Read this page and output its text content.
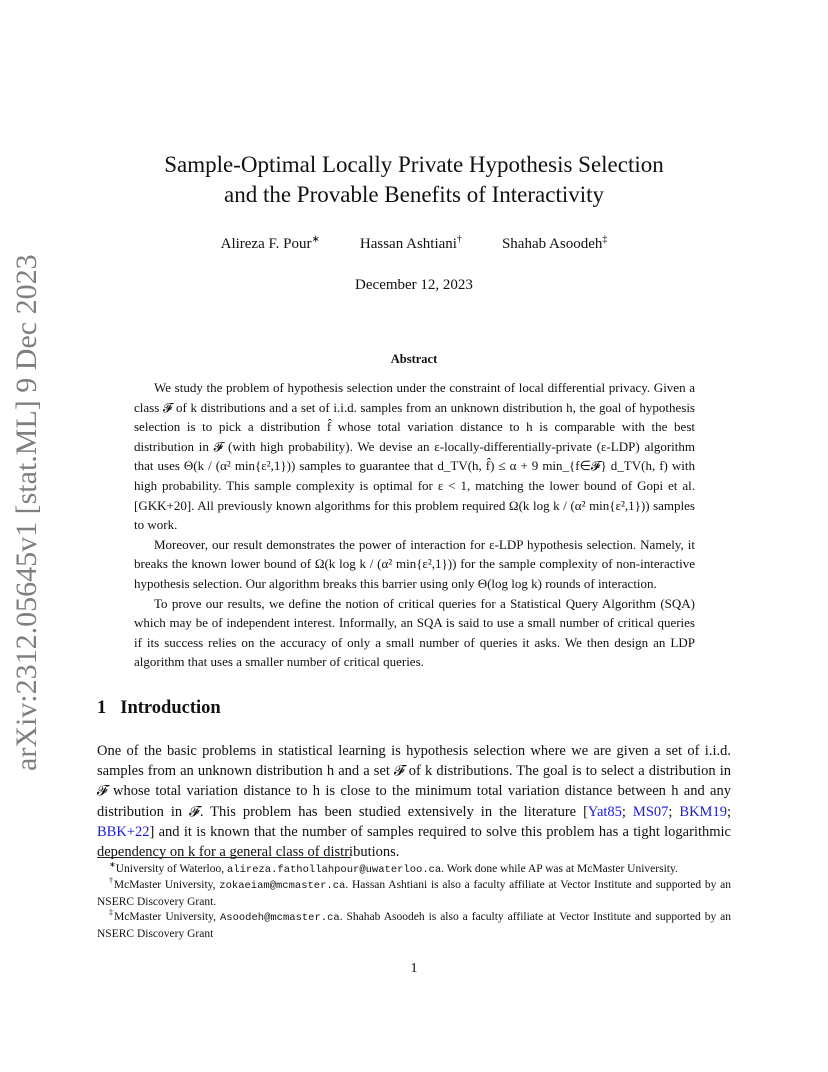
arXiv:2312.05645v1 [stat.ML] 9 Dec 2023
Sample-Optimal Locally Private Hypothesis Selection
and the Provable Benefits of Interactivity
Alireza F. Pour∗	Hassan Ashtiani†	Shahab Asoodeh‡
December 12, 2023
Abstract

We study the problem of hypothesis selection under the constraint of local differential privacy. Given a class 𝓕 of k distributions and a set of i.i.d. samples from an unknown distribution h, the goal of hypothesis selection is to pick a distribution f̂ whose total variation distance to h is comparable with the best distribution in 𝓕 (with high probability). We devise an ε-locally-differentially-private (ε-LDP) algorithm that uses Θ(k / (α² min{ε²,1})) samples to guarantee that d_TV(h, f̂) ≤ α + 9 min_{f∈𝓕} d_TV(h, f) with high probability. This sample complexity is optimal for ε < 1, matching the lower bound of Gopi et al. [GKK+20]. All previously known algorithms for this problem required Ω(k log k / (α² min{ε²,1})) samples to work.

Moreover, our result demonstrates the power of interaction for ε-LDP hypothesis selection. Namely, it breaks the known lower bound of Ω(k log k / (α² min{ε²,1})) for the sample complexity of non-interactive hypothesis selection. Our algorithm breaks this barrier using only Θ(log log k) rounds of interaction.

To prove our results, we define the notion of critical queries for a Statistical Query Algorithm (SQA) which may be of independent interest. Informally, an SQA is said to use a small number of critical queries if its success relies on the accuracy of only a small number of queries it asks. We then design an LDP algorithm that uses a smaller number of critical queries.

1 Introduction

One of the basic problems in statistical learning is hypothesis selection where we are given a set of i.i.d. samples from an unknown distribution h and a set 𝓕 of k distributions. The goal is to select a distribution in 𝓕 whose total variation distance to h is close to the minimum total variation distance between h and any distribution in 𝓕. This problem has been studied extensively in the literature [Yat85; MS07; BKM19; BBK+22] and it is known that the number of samples required to solve this problem has a tight logarithmic dependency on k for a general class of distributions.

∗University of Waterloo, alireza.fathollahpour@uwaterloo.ca. Work done while AP was at McMaster University.

†McMaster University, zokaeiam@mcmaster.ca. Hassan Ashtiani is also a faculty affiliate at Vector Institute and supported by an NSERC Discovery Grant.

‡McMaster University, Asoodeh@mcmaster.ca. Shahab Asoodeh is also a faculty affiliate at Vector Institute and supported by an NSERC Discovery Grant

1
